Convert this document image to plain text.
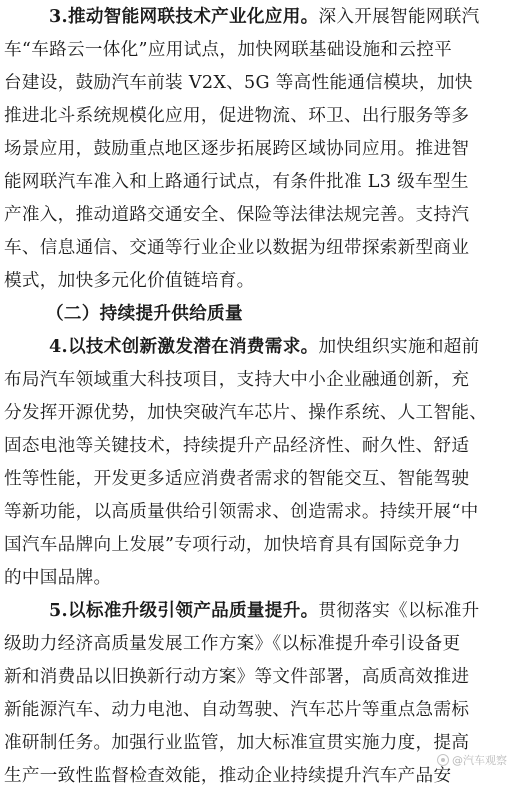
3.推动智能网联技术产业化应用。深入开展智能网联汽
车“车路云一体化”应用试点，加快网联基础设施和云控平
台建设，鼓励汽车前装 V2X、5G 等高性能通信模块，加快
推进北斗系统规模化应用，促进物流、环卫、出行服务等多
场景应用，鼓励重点地区逐步拓展跨区域协同应用。推进智
能网联汽车准入和上路通行试点，有条件批准 L3 级车型生
产准入，推动道路交通安全、保险等法律法规完善。支持汽
车、信息通信、交通等行业企业以数据为纽带探索新型商业
模式，加快多元化价值链培育。
（二）持续提升供给质量
4.以技术创新激发潜在消费需求。加快组织实施和超前
布局汽车领域重大科技项目，支持大中小企业融通创新，充
分发挥开源优势，加快突破汽车芯片、操作系统、人工智能、
固态电池等关键技术，持续提升产品经济性、耐久性、舒适
性等性能，开发更多适应消费者需求的智能交互、智能驾驶
等新功能，以高质量供给引领需求、创造需求。持续开展“中
国汽车品牌向上发展”专项行动，加快培育具有国际竞争力
的中国品牌。
5.以标准升级引领产品质量提升。贯彻落实《以标准升
级助力经济高质量发展工作方案》《以标准提升牵引设备更
新和消费品以旧换新行动方案》等文件部署，高质高效推进
新能源汽车、动力电池、自动驾驶、汽车芯片等重点急需标
准研制任务。加强行业监管，加大标准宣贯实施力度，提高
生产一致性监督检查效能，推动企业持续提升汽车产品安
@汽车观察
